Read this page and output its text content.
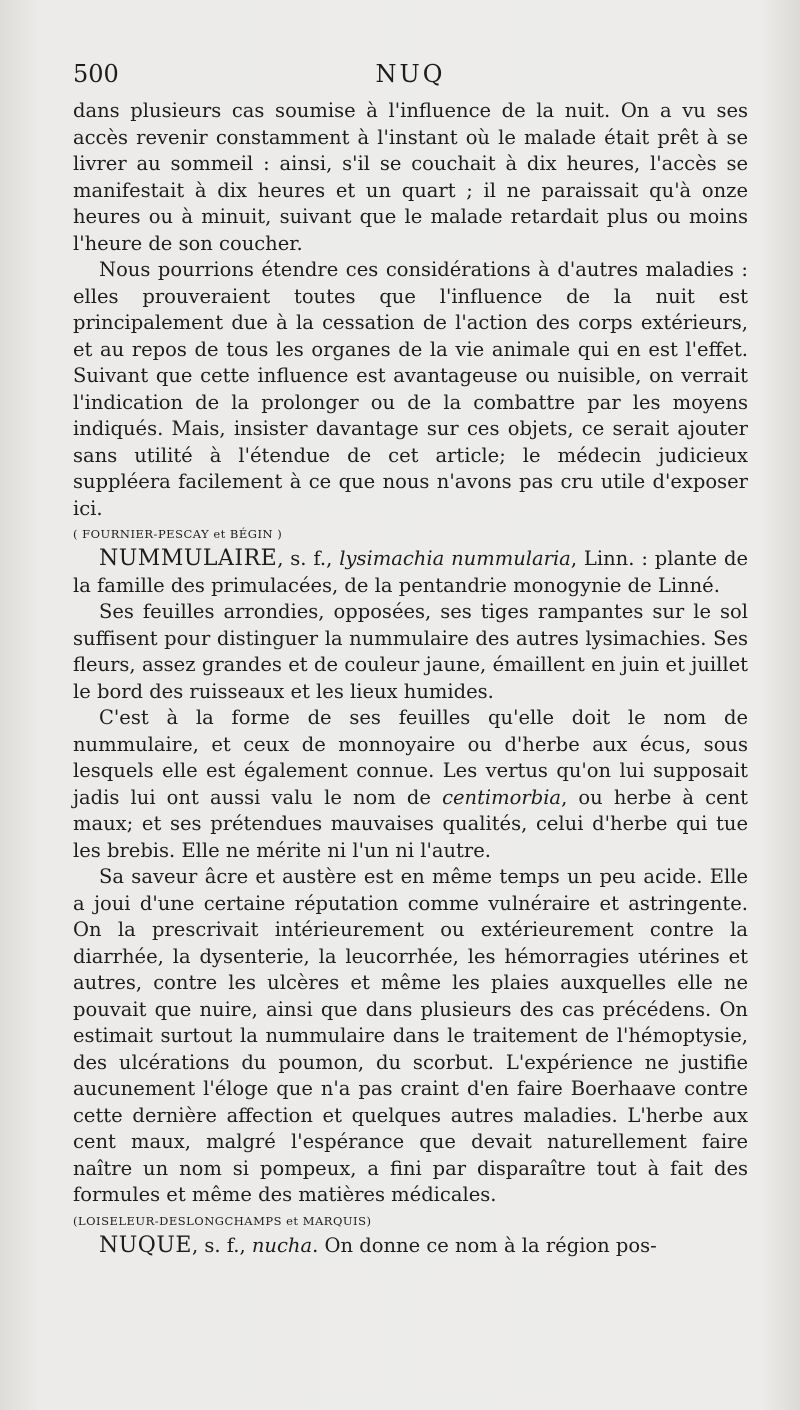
500	NUQ

dans plusieurs cas soumise à l'influence de la nuit. On a vu ses accès revenir constamment à l'instant où le malade était prêt à se livrer au sommeil : ainsi, s'il se couchait à dix heures, l'accès se manifestait à dix heures et un quart ; il ne paraissait qu'à onze heures ou à minuit, suivant que le malade retardait plus ou moins l'heure de son coucher.

Nous pourrions étendre ces considérations à d'autres maladies : elles prouveraient toutes que l'influence de la nuit est principalement due à la cessation de l'action des corps extérieurs, et au repos de tous les organes de la vie animale qui en est l'effet. Suivant que cette influence est avantageuse ou nuisible, on verrait l'indication de la prolonger ou de la combattre par les moyens indiqués. Mais, insister davantage sur ces objets, ce serait ajouter sans utilité à l'étendue de cet article; le médecin judicieux suppléera facilement à ce que nous n'avons pas cru utile d'exposer ici.

( FOURNIER-PESCAY et BÉGIN )

NUMMULAIRE, s. f., lysimachia nummularia, Linn. : plante de la famille des primulacées, de la pentandrie monogynie de Linné.

Ses feuilles arrondies, opposées, ses tiges rampantes sur le sol suffisent pour distinguer la nummulaire des autres lysimachies. Ses fleurs, assez grandes et de couleur jaune, émaillent en juin et juillet le bord des ruisseaux et les lieux humides.

C'est à la forme de ses feuilles qu'elle doit le nom de nummulaire, et ceux de monnoyaire ou d'herbe aux écus, sous lesquels elle est également connue. Les vertus qu'on lui supposait jadis lui ont aussi valu le nom de centimorbia, ou herbe à cent maux; et ses prétendues mauvaises qualités, celui d'herbe qui tue les brebis. Elle ne mérite ni l'un ni l'autre.

Sa saveur âcre et austère est en même temps un peu acide. Elle a joui d'une certaine réputation comme vulnéraire et astringente. On la prescrivait intérieurement ou extérieurement contre la diarrhée, la dysenterie, la leucorrhée, les hémorragies utérines et autres, contre les ulcères et même les plaies auxquelles elle ne pouvait que nuire, ainsi que dans plusieurs des cas précédens. On estimait surtout la nummulaire dans le traitement de l'hémoptysie, des ulcérations du poumon, du scorbut. L'expérience ne justifie aucunement l'éloge que n'a pas craint d'en faire Boerhaave contre cette dernière affection et quelques autres maladies. L'herbe aux cent maux, malgré l'espérance que devait naturellement faire naître un nom si pompeux, a fini par disparaître tout à fait des formules et même des matières médicales.

(LOISELEUR-DESLONGCHAMPS et MARQUIS)

NUQUE, s. f., nucha. On donne ce nom à la région pos-
